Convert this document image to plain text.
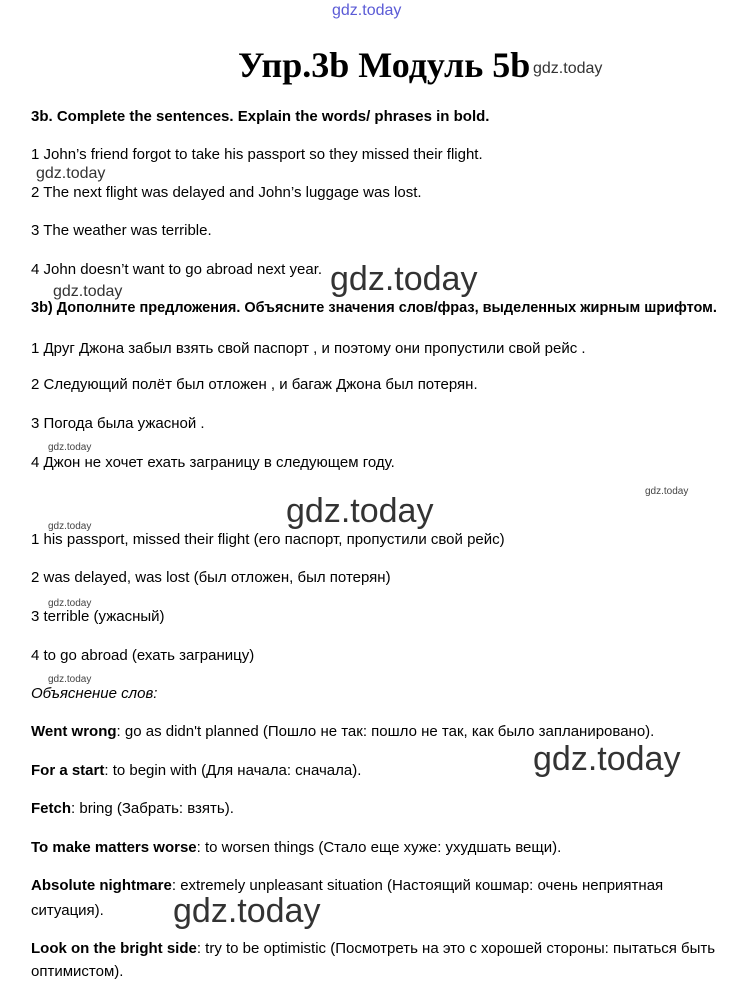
gdz.today
gdz.today
gdz.today
gdz.today	gdz.today
gdz.today
gdz.today
gdz.today
gdz.today
gdz.today
gdz.today
gdz.today
gdz.today
Упр.3b Модуль 5b
3b. Complete the sentences. Explain the words/ phrases in bold.
1 John’s friend forgot to take his passport so they missed their flight.
2 The next flight was delayed and John’s luggage was lost.
3 The weather was terrible.
4 John doesn’t want to go abroad next year.
3b) Дополните предложения. Объясните значения слов/фраз, выделенных жирным шрифтом.
1 Друг Джона забыл взять свой паспорт , и поэтому они пропустили свой рейс .
2 Следующий полёт был отложен , и багаж Джона был потерян.
3 Погода была ужасной .
4 Джон не хочет ехать заграницу в следующем году.
1 his passport, missed their flight (его паспорт, пропустили свой рейс)
2 was delayed, was lost (был отложен, был потерян)
3 terrible (ужасный)
4 to go abroad (ехать заграницу)
Объяснение слов:
Went wrong: go as didn't planned (Пошло не так: пошло не так, как было запланировано).
For a start: to begin with (Для начала: сначала).
Fetch: bring (Забрать: взять).
To make matters worse: to worsen things (Стало еще хуже: ухудшать вещи).
Absolute nightmare: extremely unpleasant situation (Настоящий кошмар: очень неприятная
ситуация).
Look on the bright side: try to be optimistic (Посмотреть на это с хорошей стороны: пытаться быть
оптимистом).
